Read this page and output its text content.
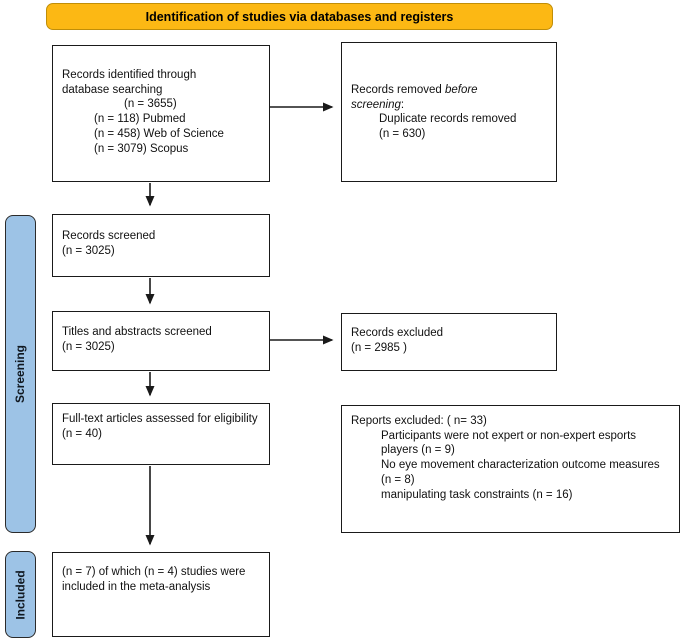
Identification of studies via databases and registers
Screening
Included
Records identified through
database searching
(n = 3655)
(n = 118) Pubmed
(n = 458) Web of Science
(n = 3079) Scopus
Records removed before screening:
Duplicate records removed
(n = 630)
Records screened
(n = 3025)
Titles and abstracts screened
(n = 3025)
Records excluded
(n = 2985 )
Full-text articles assessed for eligibility
(n = 40)
Reports excluded: ( n= 33)
Participants were not expert or non-expert esports players (n = 9)
No eye movement characterization outcome measures (n = 8)
manipulating task constraints (n = 16)
(n = 7) of which (n = 4) studies were included in the meta-analysis
